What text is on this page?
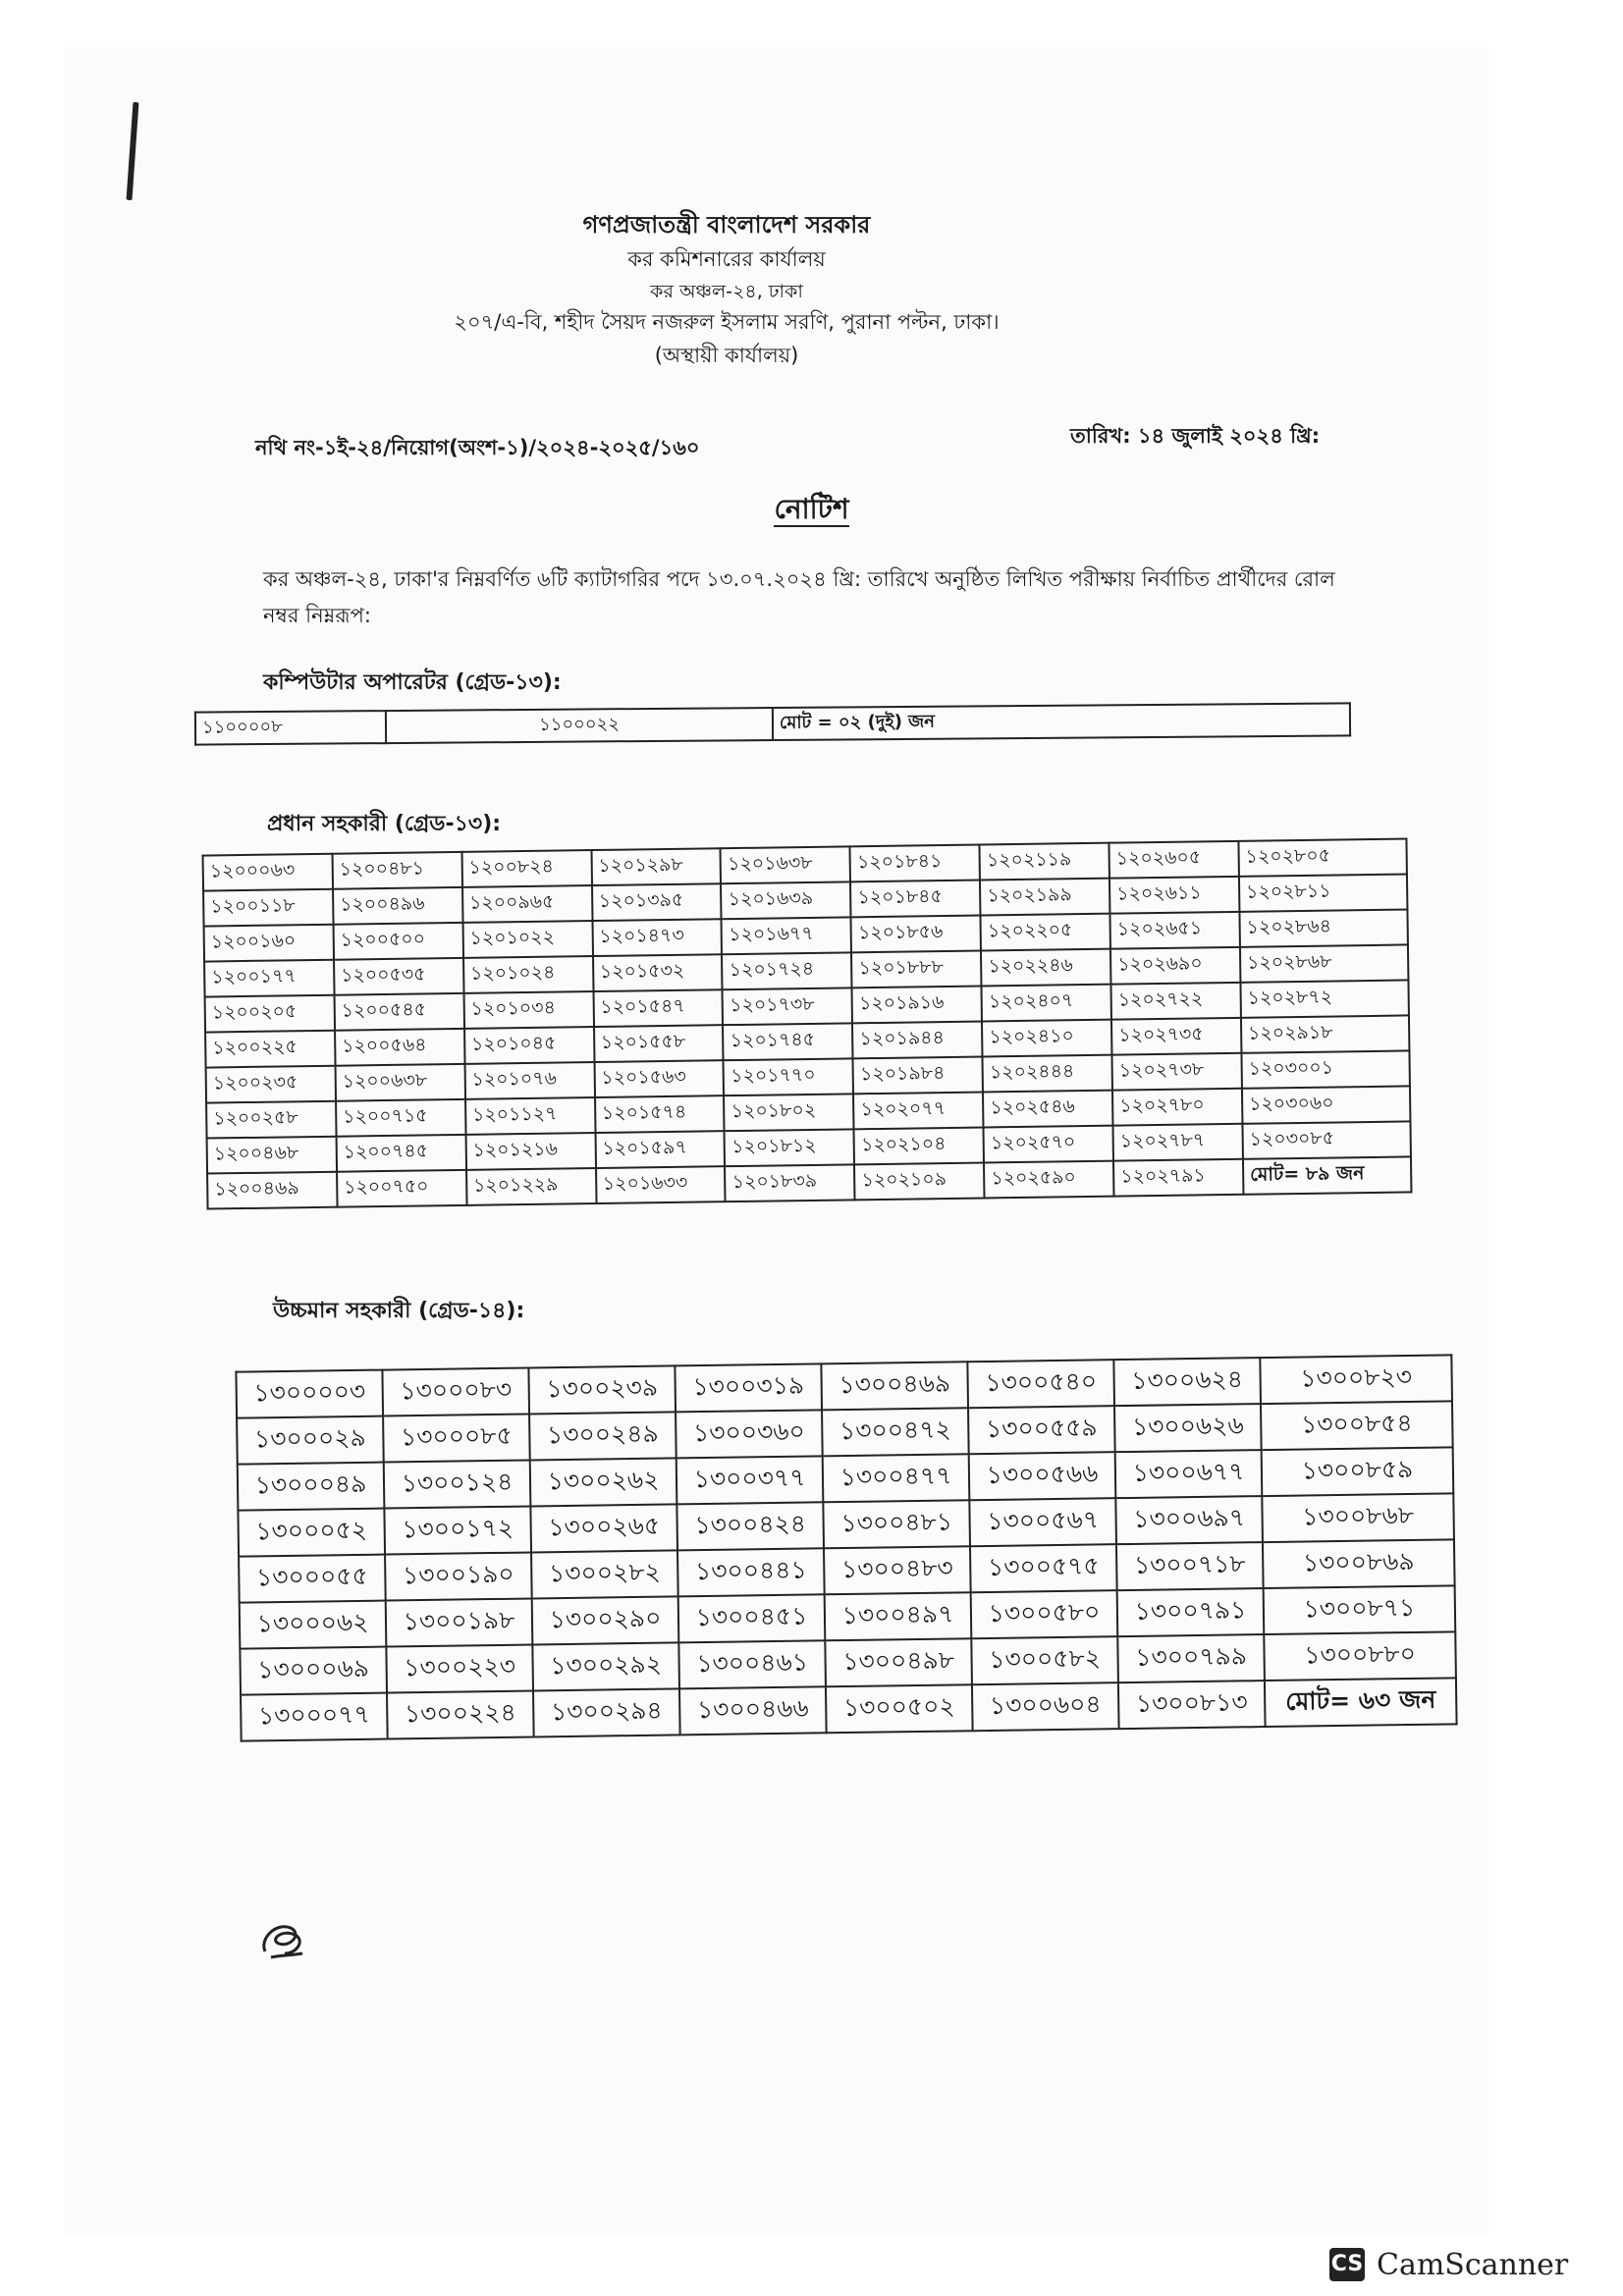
গণপ্রজাতন্ত্রী বাংলাদেশ সরকার
কর কমিশনারের কার্যালয়
কর অঞ্চল-২৪, ঢাকা
২০৭/এ-বি, শহীদ সৈয়দ নজরুল ইসলাম সরণি, পুরানা পল্টন, ঢাকা।
(অস্থায়ী কার্যালয়)
নথি নং-১ই-২৪/নিয়োগ(অংশ-১)/২০২৪-২০২৫/১৬০	তারিখ: ১৪ জুলাই ২০২৪ খ্রি:
নোটিশ
কর অঞ্চল-২৪, ঢাকা'র নিম্নবর্ণিত ৬টি ক্যাটাগরির পদে ১৩.০৭.২০২৪ খ্রি: তারিখে অনুষ্ঠিত লিখিত পরীক্ষায় নির্বাচিত প্রার্থীদের রোল নম্বর নিম্নরূপ:
কম্পিউটার অপারেটর (গ্রেড-১৩):
১১০০০০৮	১১০০০২২	মোট = ০২ (দুই) জন
প্রধান সহকারী (গ্রেড-১৩):
১২০০০৬৩	১২০০৪৮১	১২০০৮২৪	১২০১২৯৮	১২০১৬৩৮	১২০১৮৪১	১২০২১১৯	১২০২৬০৫	১২০২৮০৫
১২০০১১৮	১২০০৪৯৬	১২০০৯৬৫	১২০১৩৯৫	১২০১৬৩৯	১২০১৮৪৫	১২০২১৯৯	১২০২৬১১	১২০২৮১১
১২০০১৬০	১২০০৫০০	১২০১০২২	১২০১৪৭৩	১২০১৬৭৭	১২০১৮৫৬	১২০২২০৫	১২০২৬৫১	১২০২৮৬৪
১২০০১৭৭	১২০০৫৩৫	১২০১০২৪	১২০১৫৩২	১২০১৭২৪	১২০১৮৮৮	১২০২২৪৬	১২০২৬৯০	১২০২৮৬৮
১২০০২০৫	১২০০৫৪৫	১২০১০৩৪	১২০১৫৪৭	১২০১৭৩৮	১২০১৯১৬	১২০২৪০৭	১২০২৭২২	১২০২৮৭২
১২০০২২৫	১২০০৫৬৪	১২০১০৪৫	১২০১৫৫৮	১২০১৭৪৫	১২০১৯৪৪	১২০২৪১০	১২০২৭৩৫	১২০২৯১৮
১২০০২৩৫	১২০০৬৩৮	১২০১০৭৬	১২০১৫৬৩	১২০১৭৭০	১২০১৯৮৪	১২০২৪৪৪	১২০২৭৩৮	১২০৩০০১
১২০০২৫৮	১২০০৭১৫	১২০১১২৭	১২০১৫৭৪	১২০১৮০২	১২০২০৭৭	১২০২৫৪৬	১২০২৭৮০	১২০৩০৬০
১২০০৪৬৮	১২০০৭৪৫	১২০১২১৬	১২০১৫৯৭	১২০১৮১২	১২০২১০৪	১২০২৫৭০	১২০২৭৮৭	১২০৩০৮৫
১২০০৪৬৯	১২০০৭৫০	১২০১২২৯	১২০১৬৩৩	১২০১৮৩৯	১২০২১০৯	১২০২৫৯০	১২০২৭৯১	মোট= ৮৯ জন
উচ্চমান সহকারী (গ্রেড-১৪):
১৩০০০০৩	১৩০০০৮৩	১৩০০২৩৯	১৩০০৩১৯	১৩০০৪৬৯	১৩০০৫৪০	১৩০০৬২৪	১৩০০৮২৩
১৩০০০২৯	১৩০০০৮৫	১৩০০২৪৯	১৩০০৩৬০	১৩০০৪৭২	১৩০০৫৫৯	১৩০০৬২৬	১৩০০৮৫৪
১৩০০০৪৯	১৩০০১২৪	১৩০০২৬২	১৩০০৩৭৭	১৩০০৪৭৭	১৩০০৫৬৬	১৩০০৬৭৭	১৩০০৮৫৯
১৩০০০৫২	১৩০০১৭২	১৩০০২৬৫	১৩০০৪২৪	১৩০০৪৮১	১৩০০৫৬৭	১৩০০৬৯৭	১৩০০৮৬৮
১৩০০০৫৫	১৩০০১৯০	১৩০০২৮২	১৩০০৪৪১	১৩০০৪৮৩	১৩০০৫৭৫	১৩০০৭১৮	১৩০০৮৬৯
১৩০০০৬২	১৩০০১৯৮	১৩০০২৯০	১৩০০৪৫১	১৩০০৪৯৭	১৩০০৫৮০	১৩০০৭৯১	১৩০০৮৭১
১৩০০০৬৯	১৩০০২২৩	১৩০০২৯২	১৩০০৪৬১	১৩০০৪৯৮	১৩০০৫৮২	১৩০০৭৯৯	১৩০০৮৮০
১৩০০০৭৭	১৩০০২২৪	১৩০০২৯৪	১৩০০৪৬৬	১৩০০৫০২	১৩০০৬০৪	১৩০০৮১৩	মোট= ৬৩ জন
CS CamScanner
